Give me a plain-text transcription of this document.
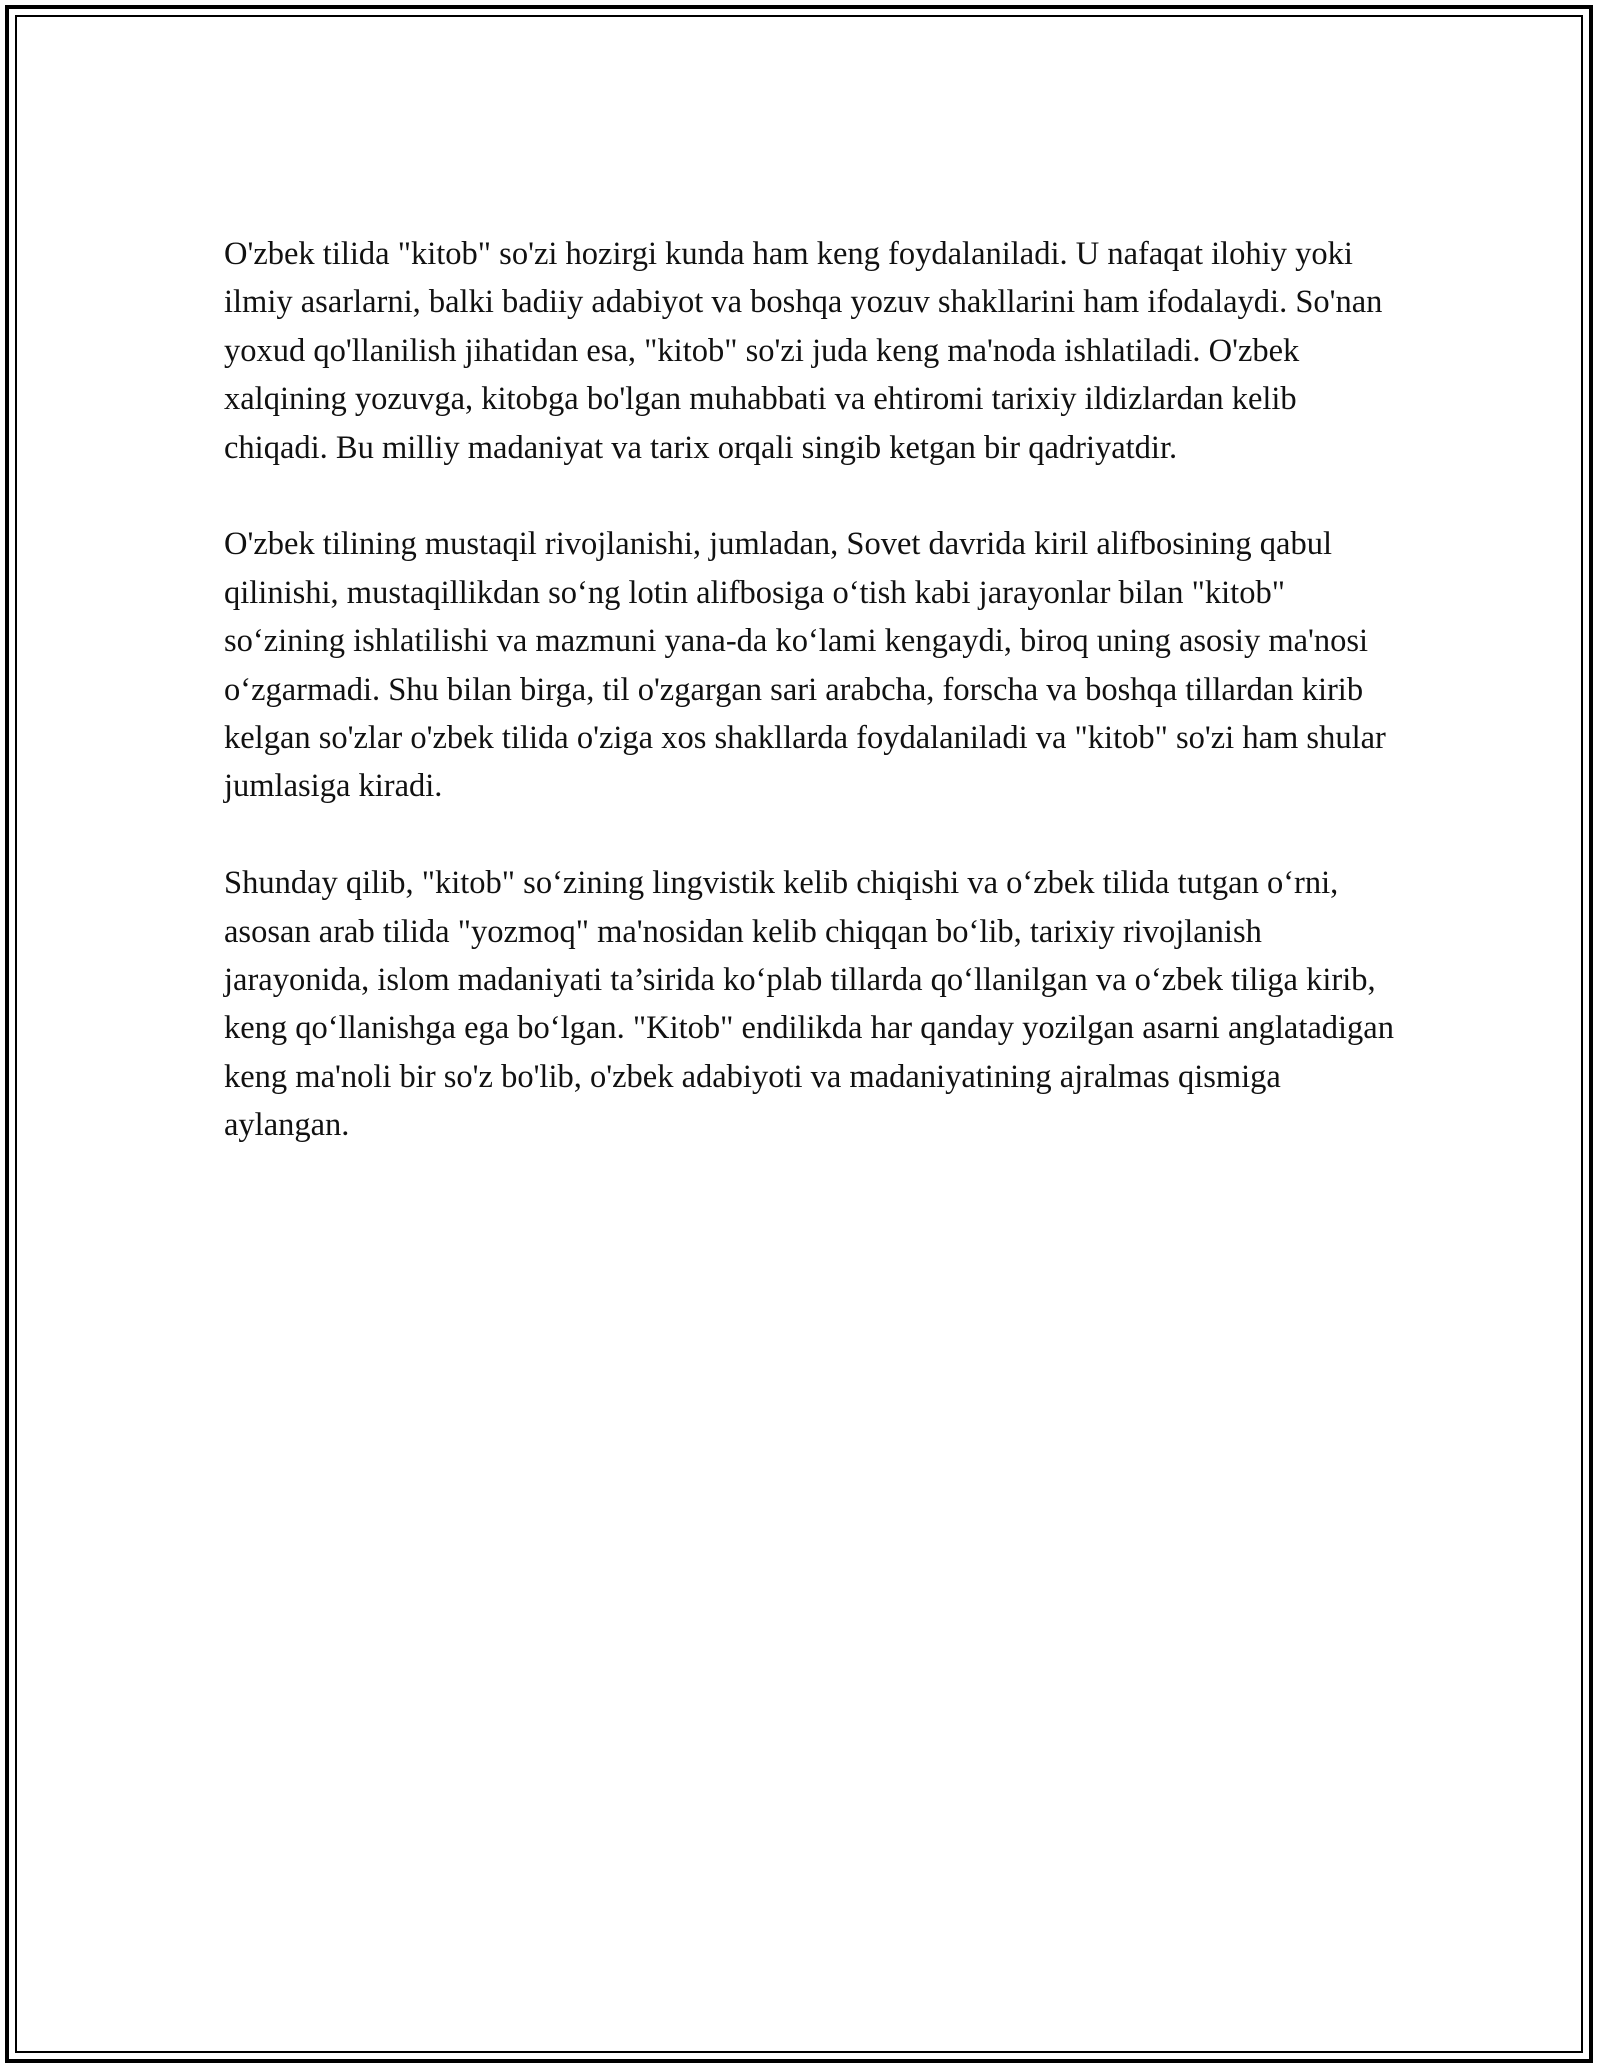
O'zbek tilida "kitob" so'zi hozirgi kunda ham keng foydalaniladi. U nafaqat ilohiy yoki ilmiy asarlarni, balki badiiy adabiyot va boshqa yozuv shakllarini ham ifodalaydi. So'nan yoxud qo'llanilish jihatidan esa, "kitob" so'zi juda keng ma'noda ishlatiladi. O'zbek xalqining yozuvga, kitobga bo'lgan muhabbati va ehtiromi tarixiy ildizlardan kelib chiqadi. Bu milliy madaniyat va tarix orqali singib ketgan bir qadriyatdir.

O'zbek tilining mustaqil rivojlanishi, jumladan, Sovet davrida kiril alifbosining qabul qilinishi, mustaqillikdan so‘ng lotin alifbosiga o‘tish kabi jarayonlar bilan "kitob" so‘zining ishlatilishi va mazmuni yana-da ko‘lami kengaydi, biroq uning asosiy ma'nosi o‘zgarmadi. Shu bilan birga, til o'zgargan sari arabcha, forscha va boshqa tillardan kirib kelgan so'zlar o'zbek tilida o'ziga xos shakllarda foydalaniladi va "kitob" so'zi ham shular jumlasiga kiradi.

Shunday qilib, "kitob" so‘zining lingvistik kelib chiqishi va o‘zbek tilida tutgan o‘rni, asosan arab tilida "yozmoq" ma'nosidan kelib chiqqan bo‘lib, tarixiy rivojlanish jarayonida, islom madaniyati ta’sirida ko‘plab tillarda qo‘llanilgan va o‘zbek tiliga kirib, keng qo‘llanishga ega bo‘lgan. "Kitob" endilikda har qanday yozilgan asarni anglatadigan keng ma'noli bir so'z bo'lib, o'zbek adabiyoti va madaniyatining ajralmas qismiga aylangan.
